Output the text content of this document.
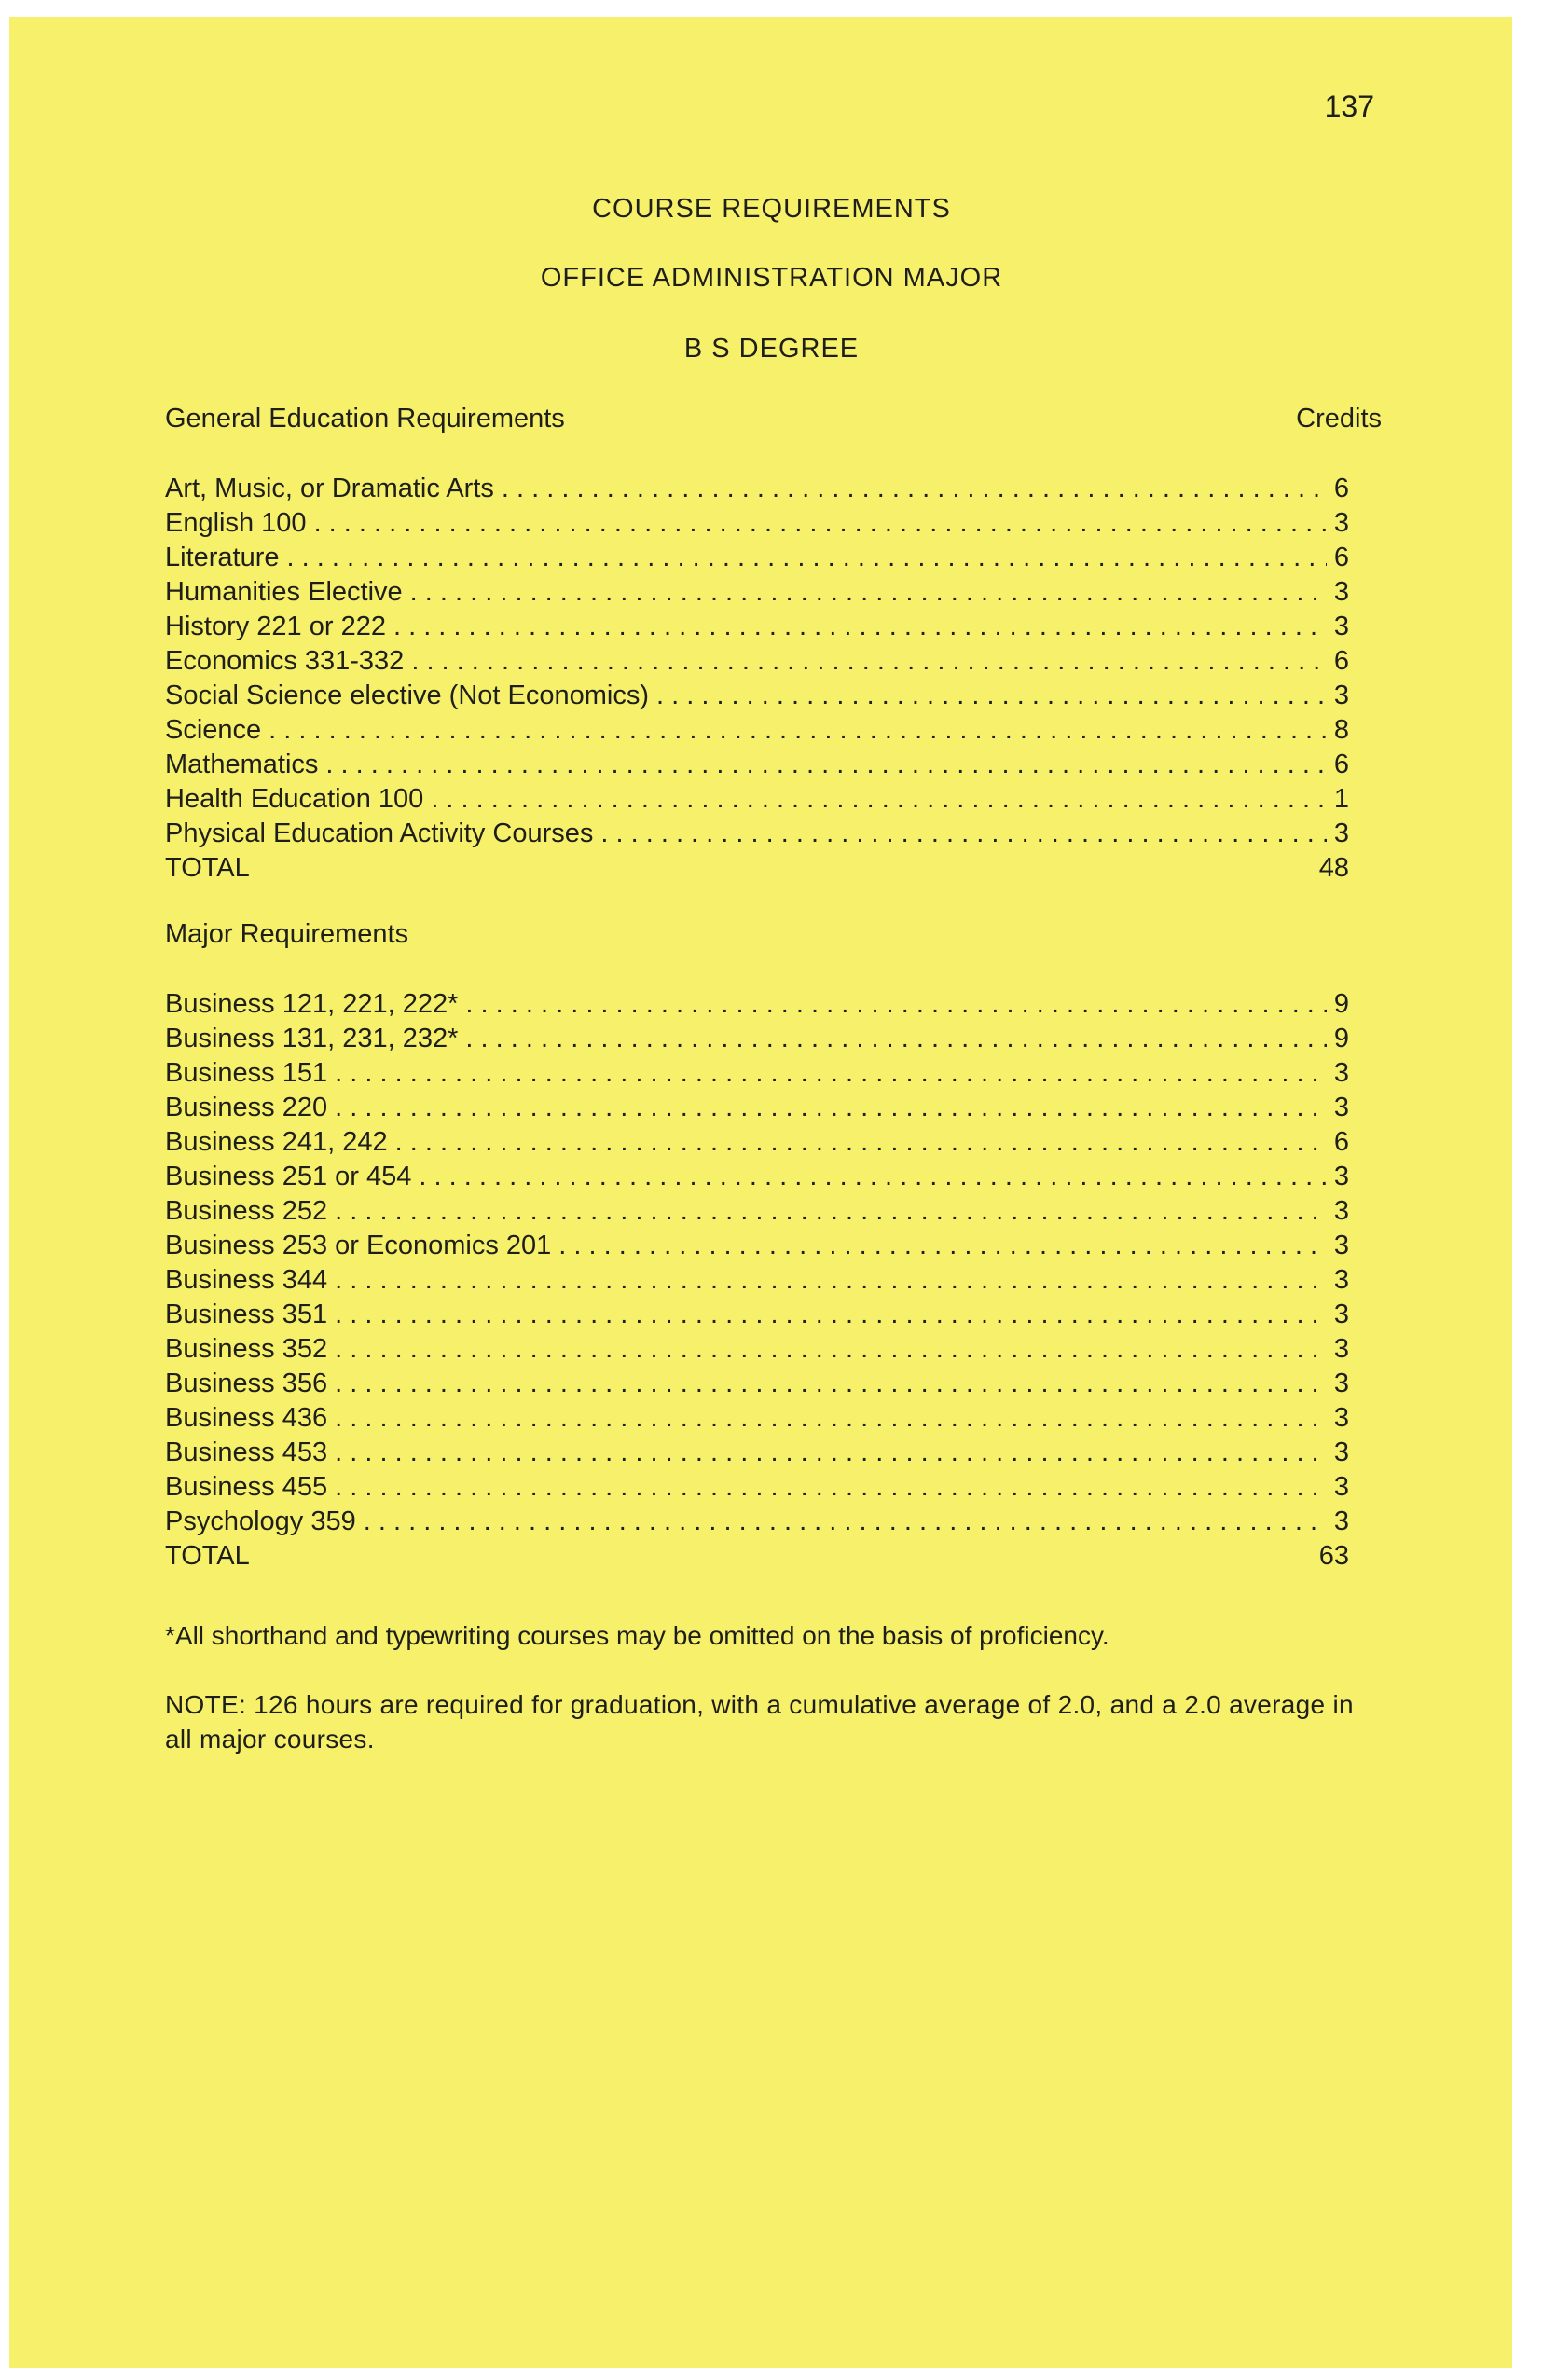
137
COURSE REQUIREMENTS
OFFICE ADMINISTRATION MAJOR
B S DEGREE
General Education Requirements	Credits
Art, Music, or Dramatic Arts . . .	6
English 100 . . .	3
Literature . . .	6
Humanities Elective . . .	3
History 221 or 222 . . .	3
Economics 331-332 . . .	6
Social Science elective (Not Economics) . . .	3
Science . . .	8
Mathematics . . .	6
Health Education 100 . . .	1
Physical Education Activity Courses . . .	3
TOTAL	48
Major Requirements
Business 121, 221, 222* . . .	9
Business 131, 231, 232* . . .	9
Business 151 . . .	3
Business 220 . . .	3
Business 241, 242 . . .	6
Business 251 or 454 . . .	3
Business 252 . . .	3
Business 253 or Economics 201 . . .	3
Business 344 . . .	3
Business 351 . . .	3
Business 352 . . .	3
Business 356 . . .	3
Business 436 . . .	3
Business 453 . . .	3
Business 455 . . .	3
Psychology 359 . . .	3
TOTAL	63
*All shorthand and typewriting courses may be omitted on the basis of proficiency.
NOTE: 126 hours are required for graduation, with a cumulative average of 2.0, and a 2.0 average in all major courses.
